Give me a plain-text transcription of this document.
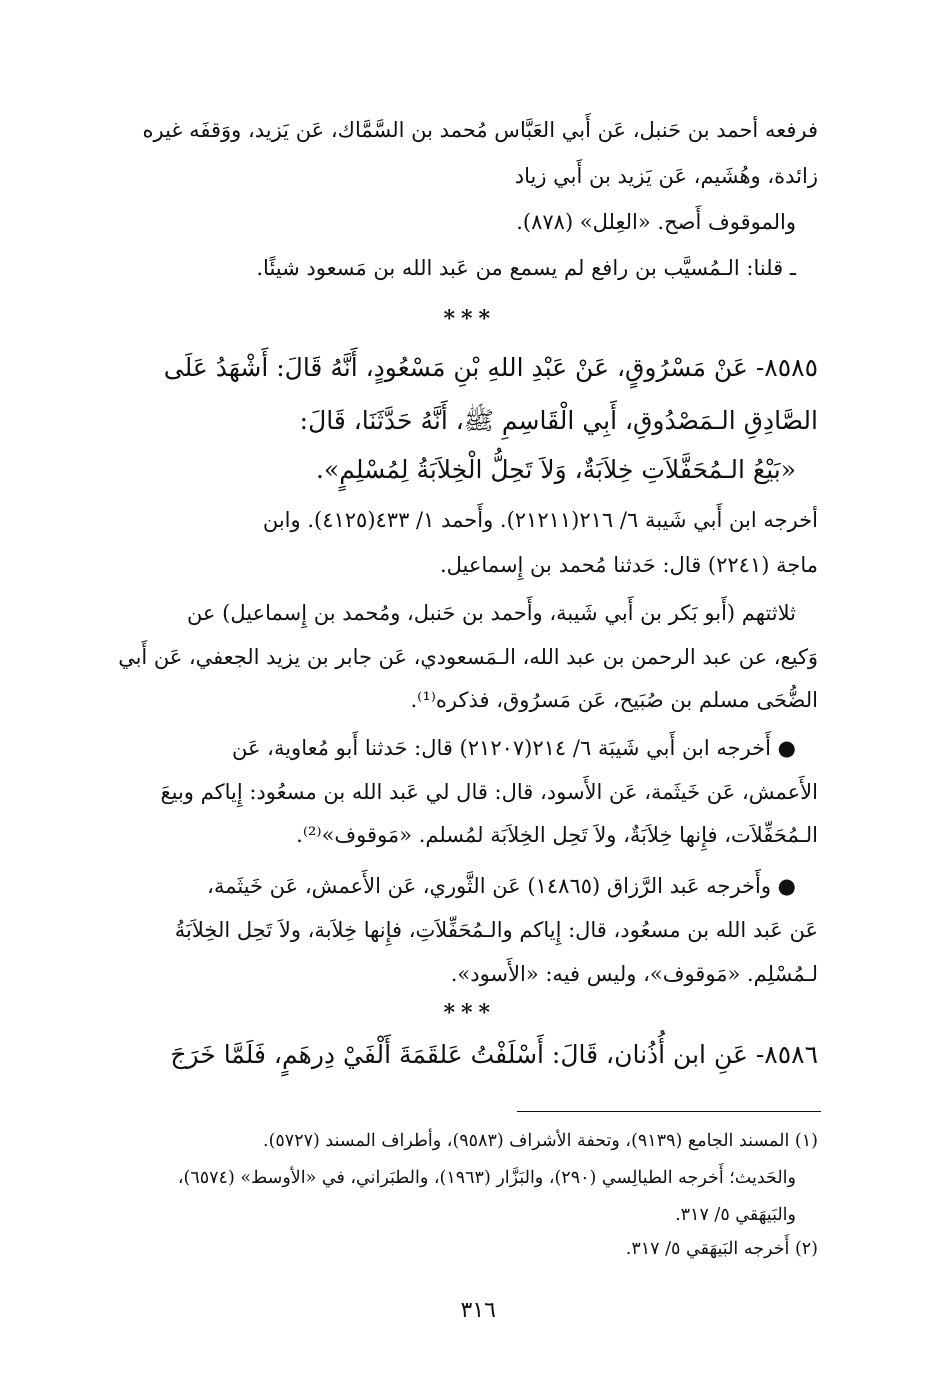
فرفعه أحمد بن حَنبل، عَن أَبي العَبَّاس مُحمد بن السَّمَّاك، عَن يَزيد، ووَقفَه غيره
زائدة، وهُشَيم، عَن يَزيد بن أَبي زياد
والموقوف أَصح. «العِلل» (٨٧٨).
ـ قلنا: الـمُسيَّب بن رافع لم يسمع من عَبد الله بن مَسعود شيئًا.
***
٨٥٨٥- عَنْ مَسْرُوقٍ، عَنْ عَبْدِ اللهِ بْنِ مَسْعُودٍ، أَنَّهُ قَالَ: أَشْهَدُ عَلَى
الصَّادِقِ الـمَصْدُوقِ، أَبِي الْقَاسِمِ ﷺ، أَنَّهُ حَدَّثَنَا، قَالَ:
«بَيْعُ الـمُحَفَّلاَتِ خِلاَبَةٌ، وَلاَ تَحِلُّ الْخِلاَبَةُ لِمُسْلِمٍ».
أخرجه ابن أَبي شَيبة ٦/ ٢١٦(٢١٢١١). وأَحمد ١/ ٤٣٣(٤١٢٥). وابن
ماجة (٢٢٤١) قال: حَدثنا مُحمد بن إِسماعيل.
ثلاثتهم (أَبو بَكر بن أَبي شَيبة، وأَحمد بن حَنبل، ومُحمد بن إِسماعيل) عن
وَكيع، عن عبد الرحمن بن عبد الله، الـمَسعودي، عَن جابر بن يزيد الجعفي، عَن أَبي
الضُّحَى مسلم بن صُبَيح، عَن مَسرُوق، فذكره⁽¹⁾.
● أَخرجه ابن أَبي شَيبَة ٦/ ٢١٤(٢١٢٠٧) قال: حَدثنا أَبو مُعاوية، عَن
الأَعمش، عَن خَيثَمة، عَن الأَسود، قال: قال لي عَبد الله بن مسعُود: إِياكم وبيعَ
الـمُحَفِّلاَت، فإِنها خِلاَبَةٌ، ولاَ تَحِل الخِلاَبَة لمُسلم. «مَوقوف»⁽²⁾.
● وأَخرجه عَبد الرَّزاق (١٤٨٦٥) عَن الثَّوري، عَن الأَعمش، عَن خَيثَمة،
عَن عَبد الله بن مسعُود، قال: إِياكم والـمُحَفِّلاَتِ، فإِنها خِلاَبة، ولاَ تَحِل الخِلاَبَةُ
لـمُسْلِم. «مَوقوف»، وليس فيه: «الأَسود».
***
٨٥٨٦- عَنِ ابن أُذُنان، قَالَ: أَسْلَفْتُ عَلقَمَةَ أَلْفَيْ دِرهَمٍ، فَلَمَّا خَرَجَ
(١) المسند الجامع (٩١٣٩)، وتحفة الأشراف (٩٥٨٣)، وأطراف المسند (٥٧٢٧).
والحَديث؛ أَخرجه الطيالِسي (٢٩٠)، والبَزَّار (١٩٦٣)، والطبَراني، في «الأوسط» (٦٥٧٤)،
والبَيهَقي ٥/ ٣١٧.
(٢) أَخرجه البَيهَقي ٥/ ٣١٧.
٣١٦
